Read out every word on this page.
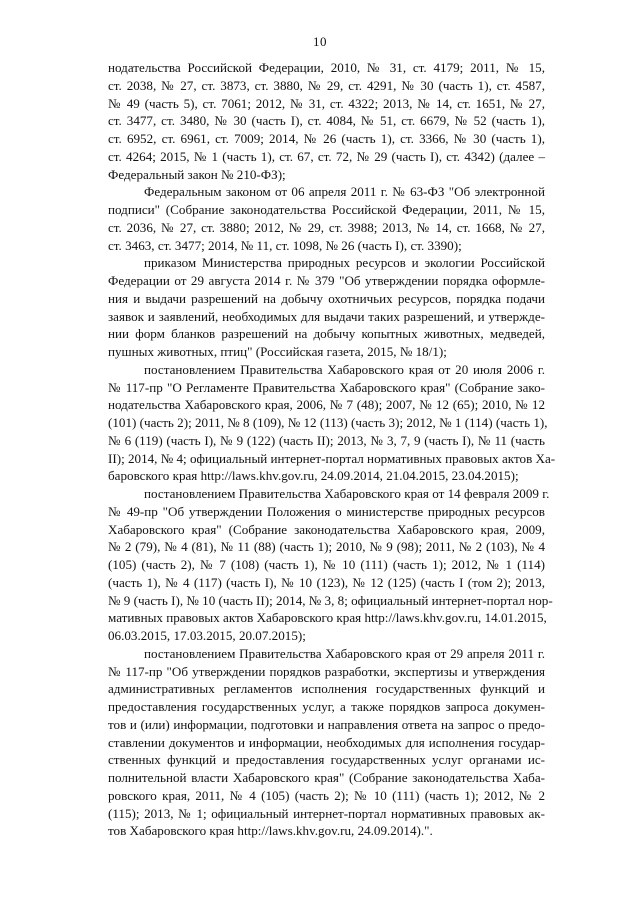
10
нодательства Российской Федерации, 2010, № 31, ст. 4179; 2011, № 15,
ст. 2038, № 27, ст. 3873, ст. 3880, № 29, ст. 4291, № 30 (часть 1), ст. 4587,
№ 49 (часть 5), ст. 7061; 2012, № 31, ст. 4322; 2013, № 14, ст. 1651, № 27,
ст. 3477, ст. 3480, № 30 (часть I), ст. 4084, № 51, ст. 6679, № 52 (часть 1),
ст. 6952, ст. 6961, ст. 7009; 2014, № 26 (часть 1), ст. 3366, № 30 (часть 1),
ст. 4264; 2015, № 1 (часть 1), ст. 67, ст. 72, № 29 (часть I), ст. 4342) (далее –
Федеральный закон № 210-ФЗ);
Федеральным законом от 06 апреля 2011 г. № 63-ФЗ "Об электронной
подписи" (Собрание законодательства Российской Федерации, 2011, № 15,
ст. 2036, № 27, ст. 3880; 2012, № 29, ст. 3988; 2013, № 14, ст. 1668, № 27,
ст. 3463, ст. 3477; 2014, № 11, ст. 1098, № 26 (часть I), ст. 3390);
приказом Министерства природных ресурсов и экологии Российской
Федерации от 29 августа 2014 г. № 379 "Об утверждении порядка оформле-
ния и выдачи разрешений на добычу охотничьих ресурсов, порядка подачи
заявок и заявлений, необходимых для выдачи таких разрешений, и утвержде-
нии форм бланков разрешений на добычу копытных животных, медведей,
пушных животных, птиц" (Российская газета, 2015, № 18/1);
постановлением Правительства Хабаровского края от 20 июля 2006 г.
№ 117-пр "О Регламенте Правительства Хабаровского края" (Собрание зако-
нодательства Хабаровского края, 2006, № 7 (48); 2007, № 12 (65); 2010, № 12
(101) (часть 2); 2011, № 8 (109), № 12 (113) (часть 3); 2012, № 1 (114) (часть 1),
№ 6 (119) (часть I), № 9 (122) (часть II); 2013, № 3, 7, 9 (часть I), № 11 (часть
II); 2014, № 4; официальный интернет-портал нормативных правовых актов Ха-
баровского края http://laws.khv.gov.ru, 24.09.2014, 21.04.2015, 23.04.2015);
постановлением Правительства Хабаровского края от 14 февраля 2009 г.
№ 49-пр "Об утверждении Положения о министерстве природных ресурсов
Хабаровского края" (Собрание законодательства Хабаровского края, 2009,
№ 2 (79), № 4 (81), № 11 (88) (часть 1); 2010, № 9 (98); 2011, № 2 (103), № 4
(105) (часть 2), № 7 (108) (часть 1), № 10 (111) (часть 1); 2012, № 1 (114)
(часть 1), № 4 (117) (часть I), № 10 (123), № 12 (125) (часть I (том 2); 2013,
№ 9 (часть I), № 10 (часть II); 2014, № 3, 8; официальный интернет-портал нор-
мативных правовых актов Хабаровского края http://laws.khv.gov.ru, 14.01.2015,
06.03.2015, 17.03.2015, 20.07.2015);
постановлением Правительства Хабаровского края от 29 апреля 2011 г.
№ 117-пр "Об утверждении порядков разработки, экспертизы и утверждения
административных регламентов исполнения государственных функций и
предоставления государственных услуг, а также порядков запроса докумен-
тов и (или) информации, подготовки и направления ответа на запрос о предо-
ставлении документов и информации, необходимых для исполнения государ-
ственных функций и предоставления государственных услуг органами ис-
полнительной власти Хабаровского края" (Собрание законодательства Хаба-
ровского края, 2011, № 4 (105) (часть 2); № 10 (111) (часть 1); 2012, № 2
(115); 2013, № 1; официальный интернет-портал нормативных правовых ак-
тов Хабаровского края http://laws.khv.gov.ru, 24.09.2014).".
